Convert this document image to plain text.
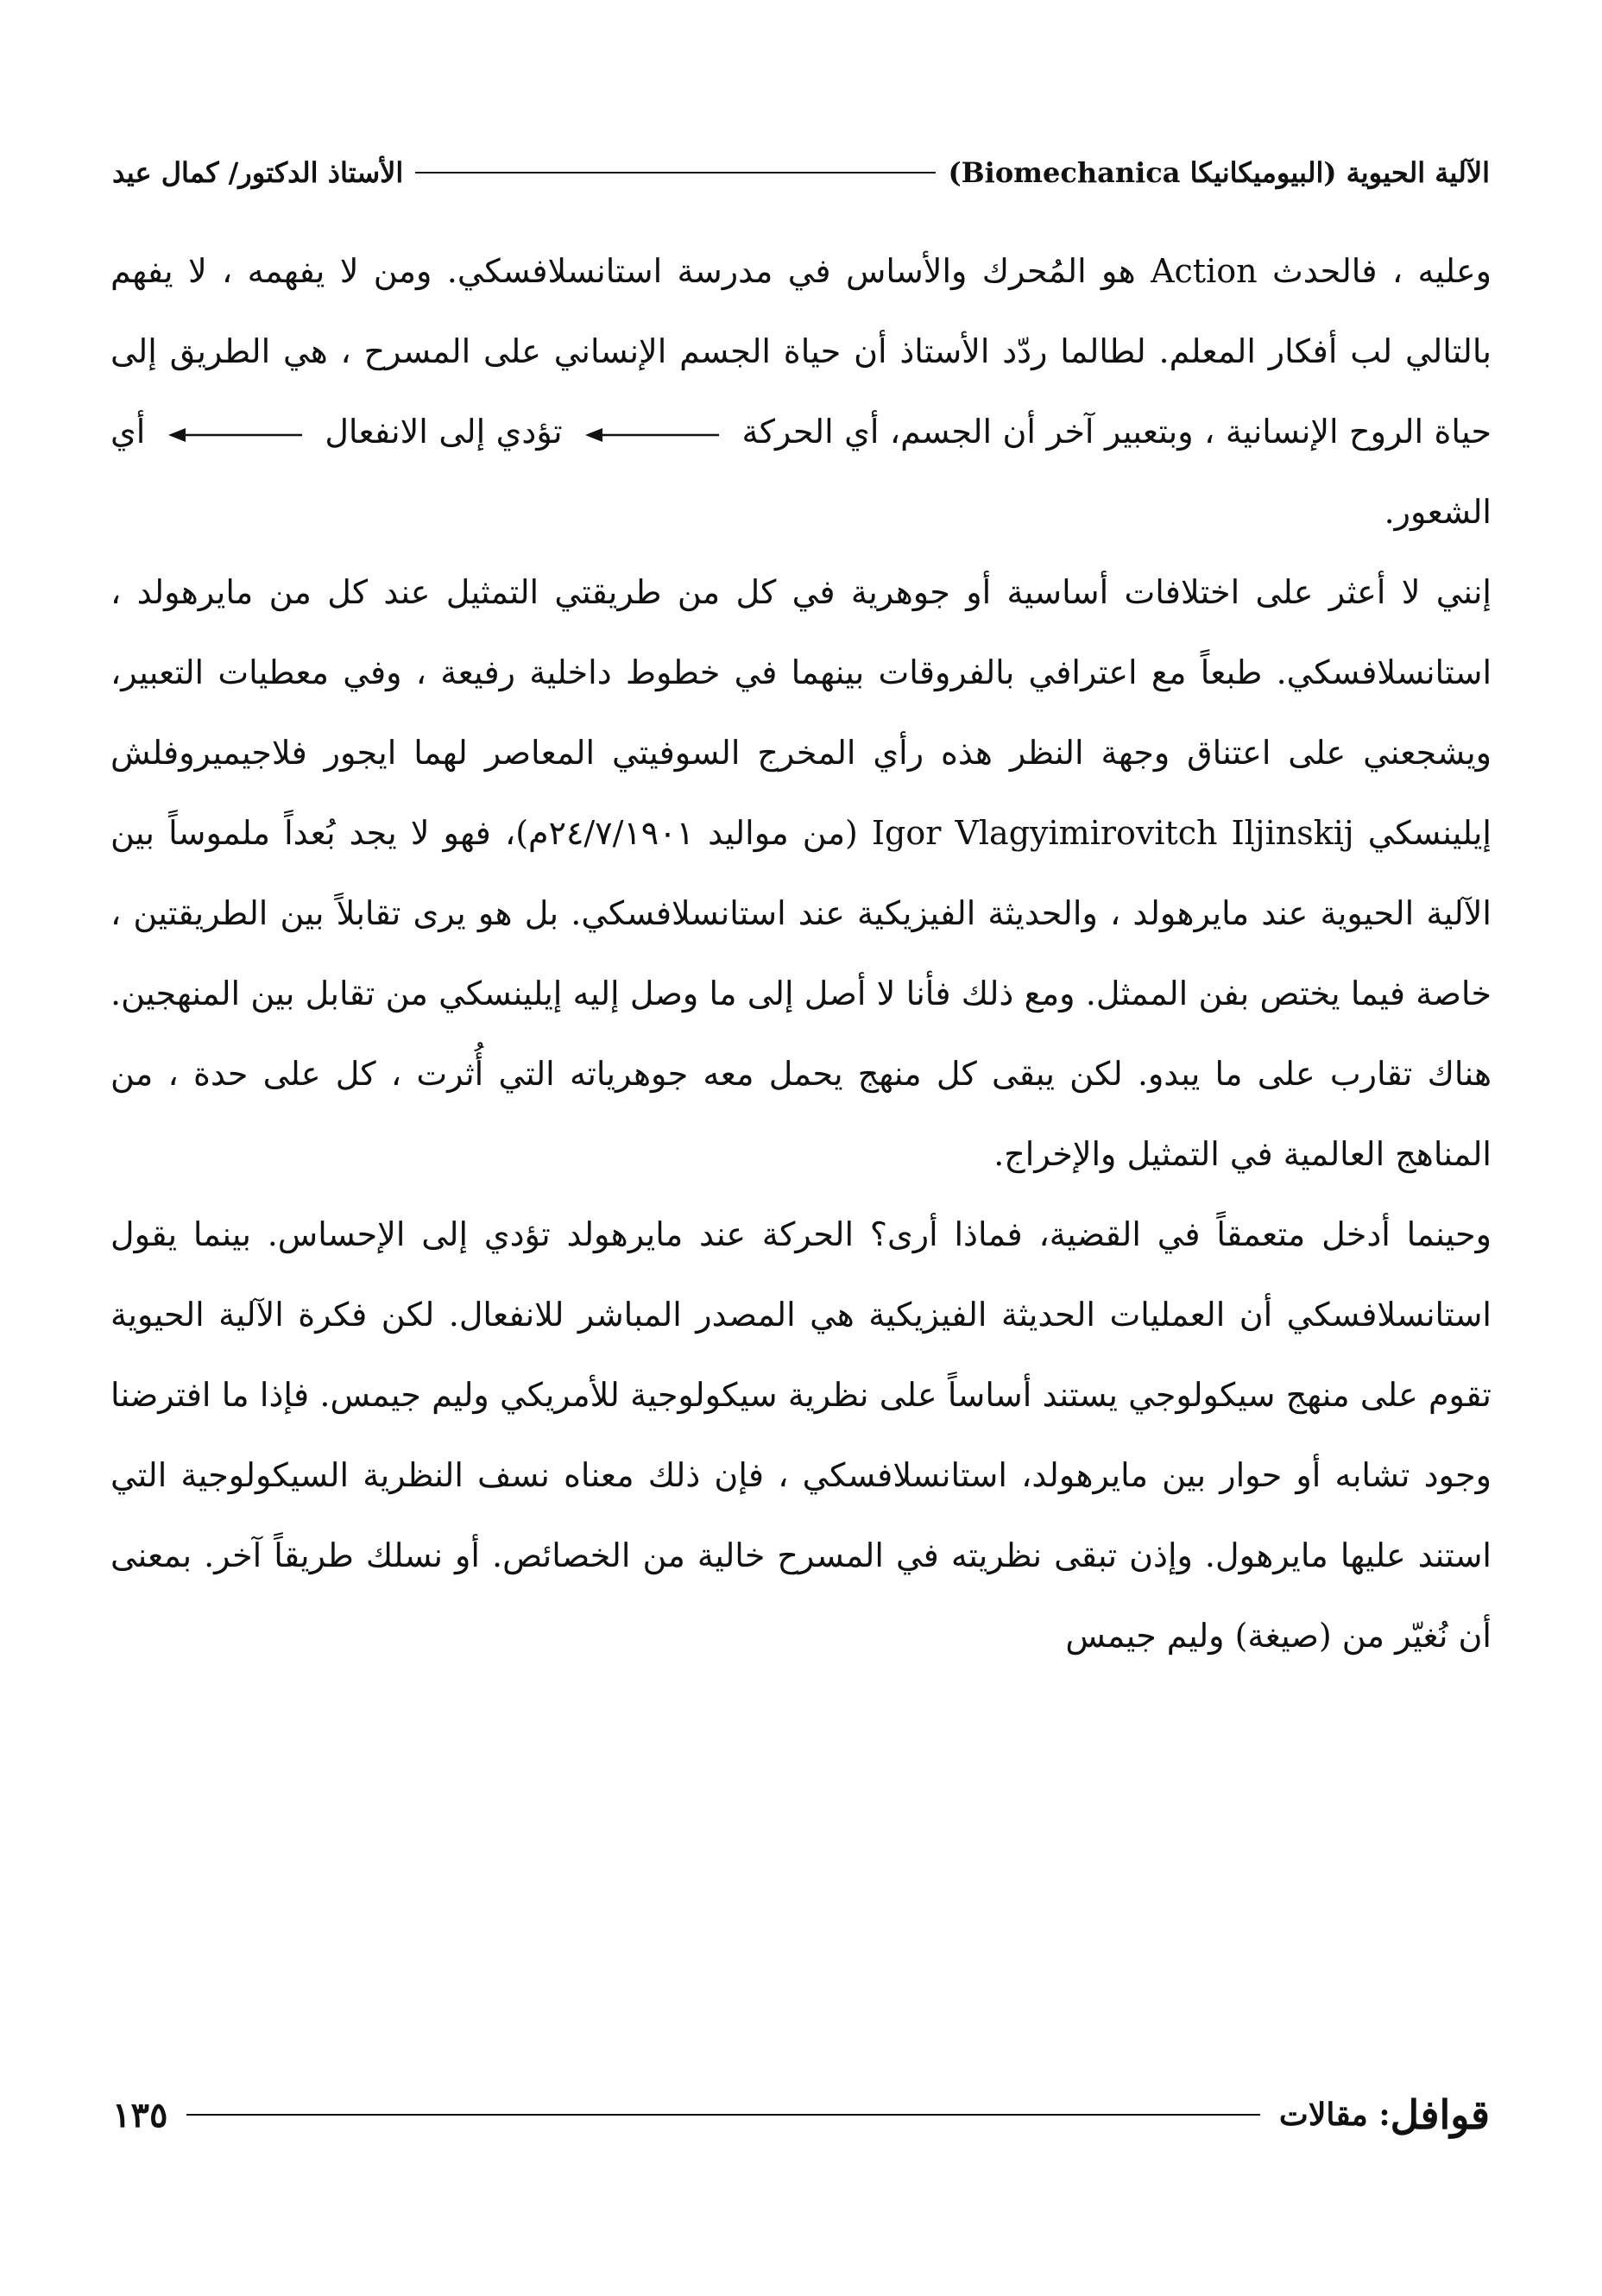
الآلية الحيوية (البيوميكانيكا Biomechanica)
الأستاذ الدكتور/ كمال عيد

وعليه ، فالحدث Action هو المُحرك والأساس في مدرسة استانسلافسكي. ومن لا يفهمه ، لا يفهم بالتالي لب أفكار المعلم. لطالما ردّد الأستاذ أن حياة الجسم الإنساني على المسرح ، هي الطريق إلى حياة الروح الإنسانية ، وبتعبير آخر أن الجسم، أي الحركة
تؤدي إلى الانفعال
أي الشعور.

إنني لا أعثر على اختلافات أساسية أو جوهرية في كل من طريقتي التمثيل عند كل من مايرهولد ، استانسلافسكي. طبعاً مع اعترافي بالفروقات بينهما في خطوط داخلية رفيعة ، وفي معطيات التعبير، ويشجعني على اعتناق وجهة النظر هذه رأي المخرج السوفيتي المعاصر لهما ايجور فلاجيميروفلش إيلينسكي Igor Vlagyimirovitch Iljinskij (من مواليد ٢٤/٧/١٩٠١م)، فهو لا يجد بُعداً ملموساً بين الآلية الحيوية عند مايرهولد ، والحديثة الفيزيكية عند استانسلافسكي. بل هو يرى تقابلاً بين الطريقتين ، خاصة فيما يختص بفن الممثل. ومع ذلك فأنا لا أصل إلى ما وصل إليه إيلينسكي من تقابل بين المنهجين. هناك تقارب على ما يبدو. لكن يبقى كل منهج يحمل معه جوهرياته التي أُثرت ، كل على حدة ، من المناهج العالمية في التمثيل والإخراج.

وحينما أدخل متعمقاً في القضية، فماذا أرى؟ الحركة عند مايرهولد تؤدي إلى الإحساس. بينما يقول استانسلافسكي أن العمليات الحديثة الفيزيكية هي المصدر المباشر للانفعال. لكن فكرة الآلية الحيوية تقوم على منهج سيكولوجي يستند أساساً على نظرية سيكولوجية للأمريكي وليم جيمس. فإذا ما افترضنا وجود تشابه أو حوار بين مايرهولد، استانسلافسكي ، فإن ذلك معناه نسف النظرية السيكولوجية التي استند عليها مايرهول. وإذن تبقى نظريته في المسرح خالية من الخصائص. أو نسلك طريقاً آخر. بمعنى أن نُغيّر من (صيغة) وليم جيمس

قوافل
: مقالات
١٣٥
